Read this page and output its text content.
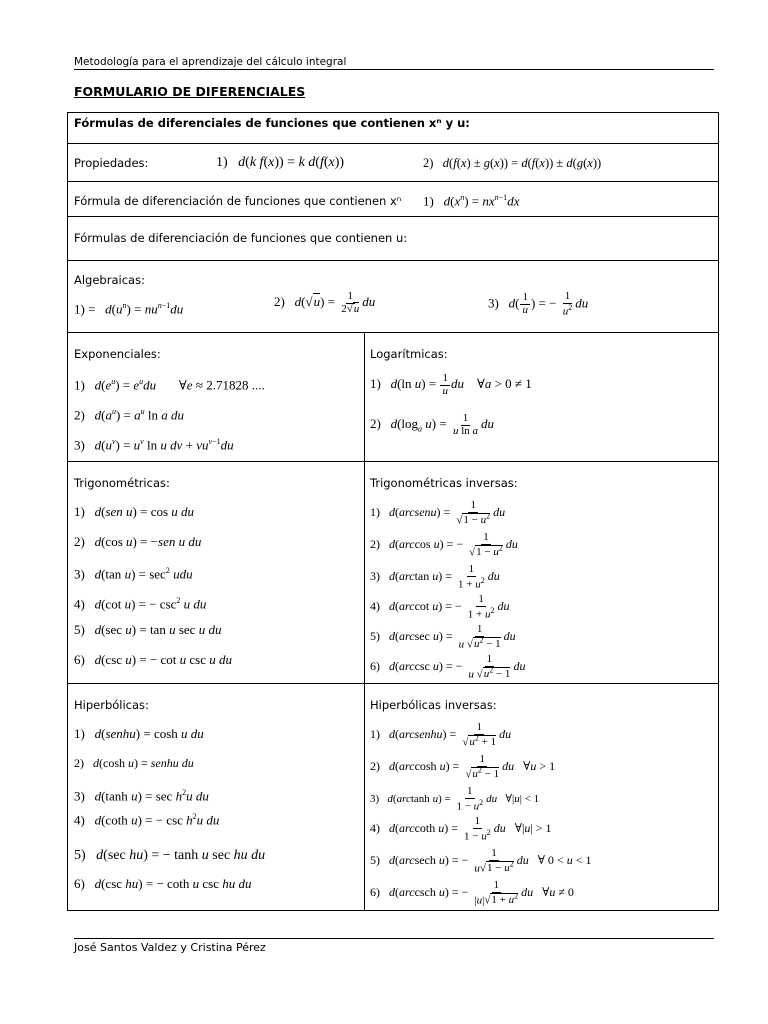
Metodología para el aprendizaje del cálculo integral
FORMULARIO DE DIFERENCIALES
Fórmulas de diferenciales de funciones que contienen xⁿ y u:
Propiedades:	1) d(k f(x)) = k d(f(x))	2) d(f(x) ± g(x)) = d(f(x)) ± d(g(x))
Fórmula de diferenciación de funciones que contienen xⁿ 1) $d(x^n) = nx^{n-1}dx$
Fórmulas de diferenciación de funciones que contienen u:
Algebraicas:
$1) = d(u^n) = nu^{n-1}du$	2) $d(√u) = \frac{1}{2√u}$ du	3) $d( \frac{1}{u}$ ) = − $\frac{1}{u^2}$ du
Exponenciales:
1) $d(e^u) = e^udu$       ∀e ≈ 2.71828 ....
2) $d(a^u) = a^u$ ln a du
3) $d(u^v) = u^v$ ln u dv + $vu^{v-1}du$
Logarítmicas:
1) d(ln $u) = \frac{1}{u}$ du    ∀a > 0 ≠ 1
2) $d(\log_a$ $u) = \frac{1}{\text{u ln a}}$ du
Trigonométricas:
1) d(sen u) = cos u du
2) d(cos u) = −sen u du
3) d(tan $u) = \sec^2$ udu
4) d(cot u) = − $\csc^2 u$ du
5) d(sec u) = tan u sec u du
6) d(csc u) = − cot u csc u du
Trigonométricas inversas:
1) d(arcsenu) = $\frac{1}{√1 - u^2}$ du
2) d(arccos u) = − $\frac{1}{√1 - u^2}$ du
3) d(arctan $u) = \frac{1}{1 + u^2}$ du
4) d(arccot u) = − $\frac{1}{1 + u^2}$ du
5) d(arcsec $u) = \frac{1}{u √u^2 - 1}$ du
6) d(arccsc u) = − $\frac{1}{u √u^2 - 1}$ du
Hiperbólicas:
1) d(senhu) = cosh u du
2) d(cosh u) = senhu du
3) d(tanh $u) = \sec h^2u$ du
4) d(coth u) = − $\csc h^2u$ du
5) d(sec hu) = − tanh u sec hu du
6) d(csc hu) = − coth u csc hu du
Hiperbólicas inversas:
1) d(arcsenhu) = $\frac{1}{√u^2 + 1}$ du
2) d(arccosh $u) = \frac{1}{√u^2 - 1}$ du   ∀u > 1
3) d(arctanh $u) = \frac{1}{1 - u^2}$ du   ∀|u| < 1
4) d(arccoth $u) = \frac{1}{1 - u^2}$ du   ∀|u| > 1
5) d(arcsech u) = − $\frac{1}{u√1 - u^2}$ du   ∀ 0 < u < 1
6) d(arccsch u) = − $\frac{1}{|u|√1 + u^2}$ du   ∀u ≠ 0
José Santos Valdez y Cristina Pérez
